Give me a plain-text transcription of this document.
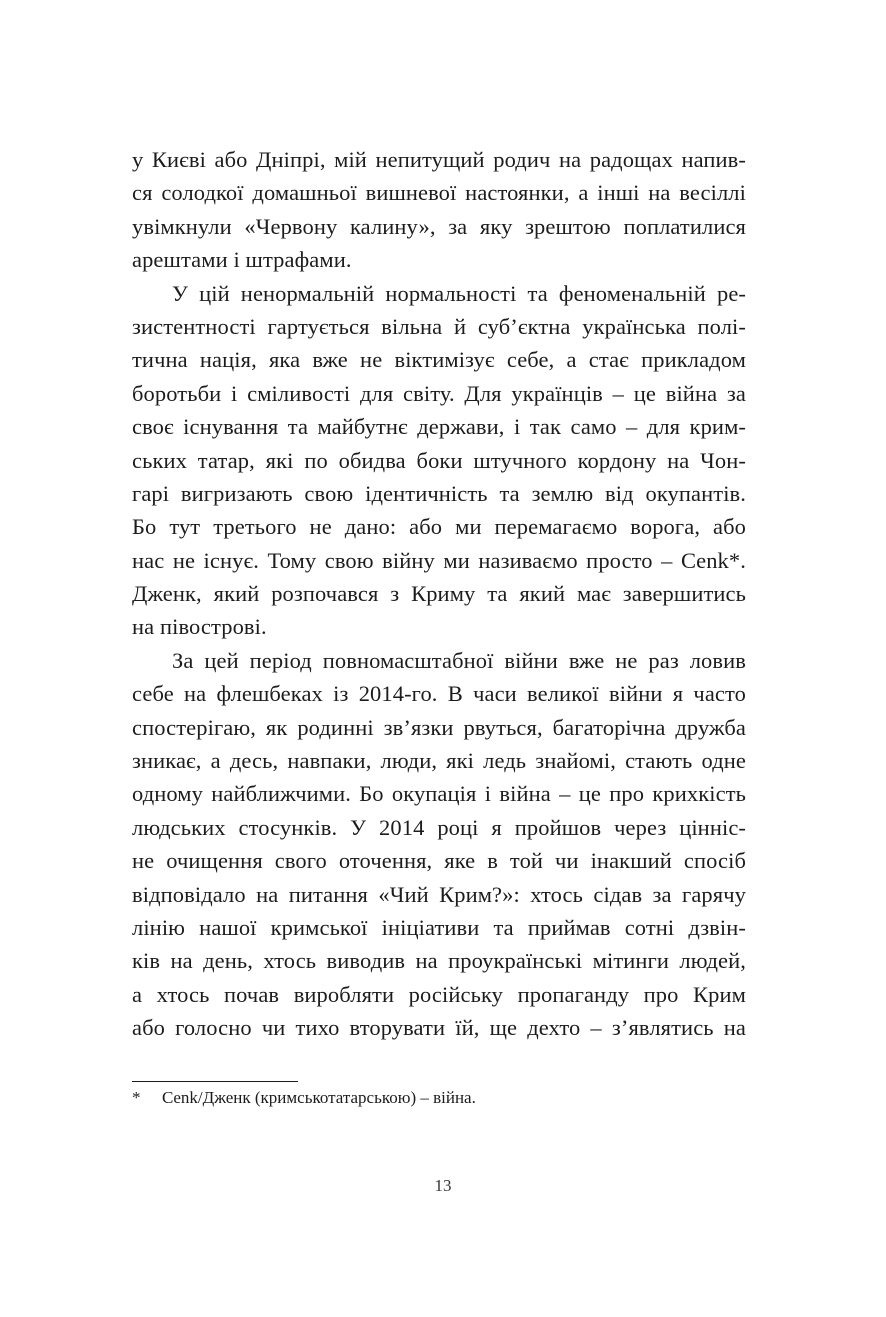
у Києві або Дніпрі, мій непитущий родич на радощах напив-
ся солодкої домашньої вишневої настоянки, а інші на весіллі
увімкнули «Червону калину», за яку зрештою поплатилися
арештами і штрафами.
У цій ненормальній нормальності та феноменальній ре-
зистентності гартується вільна й суб’єктна українська полі-
тична нація, яка вже не віктимізує себе, а стає прикладом
боротьби і сміливості для світу. Для українців – це війна за
своє існування та майбутнє держави, і так само – для крим-
ських татар, які по обидва боки штучного кордону на Чон-
гарі вигризають свою ідентичність та землю від окупантів.
Бо тут третього не дано: або ми перемагаємо ворога, або
нас не існує. Тому свою війну ми називаємо просто – Cenk*.
Дженк, який розпочався з Криму та який має завершитись
на півострові.
За цей період повномасштабної війни вже не раз ловив
себе на флешбеках із 2014-го. В часи великої війни я часто
спостерігаю, як родинні зв’язки рвуться, багаторічна дружба
зникає, а десь, навпаки, люди, які ледь знайомі, стають одне
одному найближчими. Бо окупація і війна – це про крихкість
людських стосунків. У 2014 році я пройшов через цінніс-
не очищення свого оточення, яке в той чи інакший спосіб
відповідало на питання «Чий Крим?»: хтось сідав за гарячу
лінію нашої кримської ініціативи та приймав сотні дзвін-
ків на день, хтось виводив на проукраїнські мітинги людей,
а хтось почав виробляти російську пропаганду про Крим
або голосно чи тихо вторувати їй, ще дехто – з’являтись на
* Cenk/Дженк (кримськотатарською) – війна.
13
